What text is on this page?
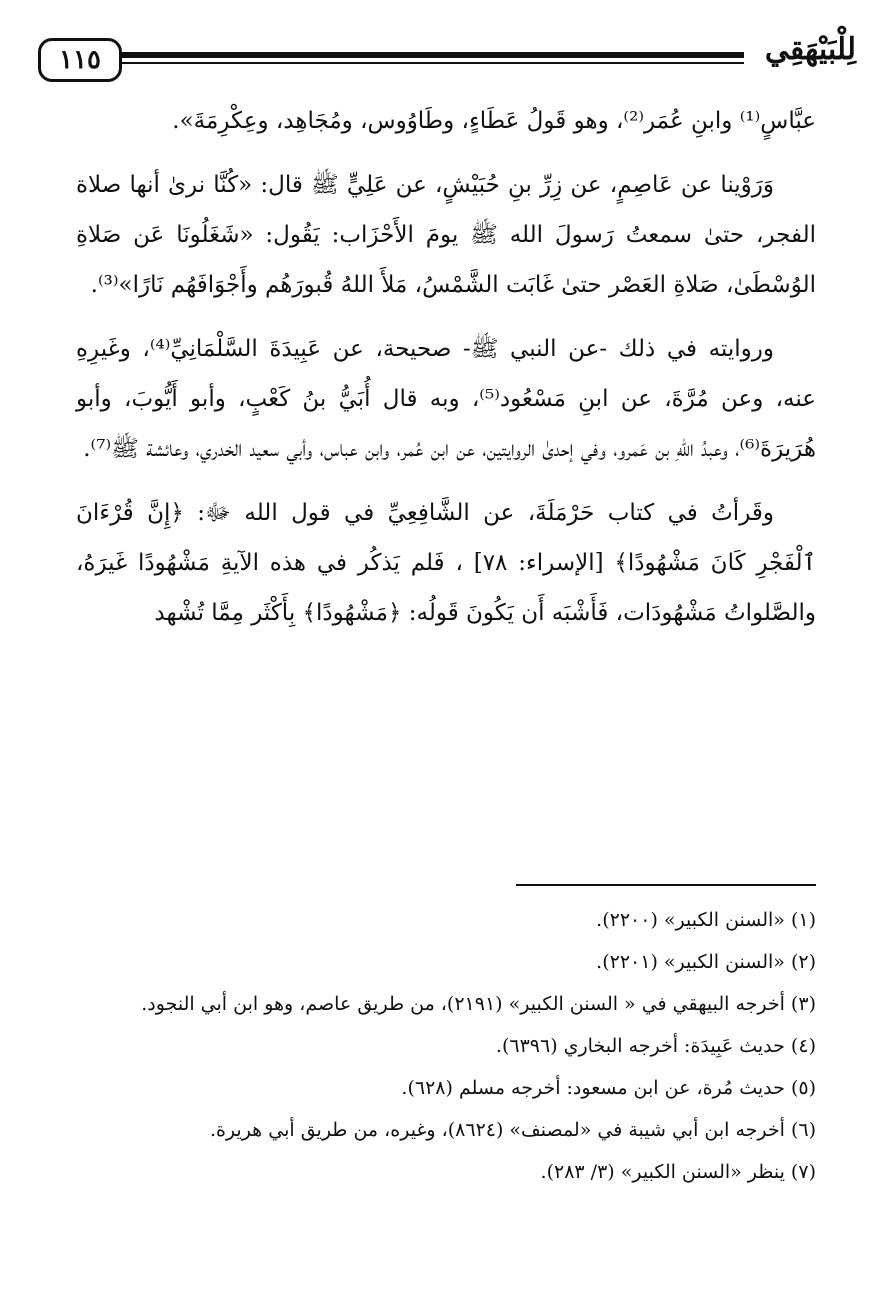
١١٥	لِلْبَيْهَقِي

عبَّاسٍ⁽¹⁾ وابنِ عُمَر⁽²⁾، وهو قَولُ عَطَاءٍ، وطَاوُوس، ومُجَاهِد، وعِكْرِمَةَ».

وَرَوْينا عن عَاصِمٍ، عن زِرِّ بنِ حُبَيْشٍ، عن عَلِيٍّ ﷺ قال: «كُنَّا نرىٰ أنها صلاة الفجر، حتىٰ سمعتُ رَسولَ الله ﷺ يومَ الأَحْزَاب: يَقُول: «شَغَلُونَا عَن صَلاةِ الوُسْطَىٰ، صَلاةِ العَصْر حتىٰ غَابَت الشَّمْسُ، مَلأَ اللهُ قُبورَهُم وأَجْوَافَهُم نَارًا»⁽³⁾.

وروايته في ذلك -عن النبي ﷺ- صحيحة، عن عَبِيدَةَ السَّلْمَانِيِّ⁽⁴⁾، وغَيرِهِ عنه، وعن مُرَّةَ، عن ابنِ مَسْعُود⁽⁵⁾، وبه قال أُبَيُّ بنُ كَعْبٍ، وأبو أَيُّوبَ، وأبو هُرَيرَةَ⁽⁶⁾، وعبدُ اللهِ بن عَمرو، وفي إحدىٰ الروايتين، عن ابن عُمر، وابن عباس، وأبي سعيد الخدري، وعائشة ﷺ⁽⁷⁾.

وقَرأتُ في كتاب حَرْمَلَةَ، عن الشَّافِعِيِّ في قول الله ﷻ: ﴿إِنَّ قُرْءَانَ ٱلْفَجْرِ كَانَ مَشْهُودًا﴾ [الإسراء: ٧٨] ، فَلم يَذكُر في هذه الآيةِ مَشْهُودًا غَيرَهُ، والصَّلواتُ مَشْهُودَات، فَأَشْبَه أَن يَكُونَ قَولُه: ﴿مَشْهُودًا﴾ بِأَكْثَر مِمَّا تُشْهد

(١) «السنن الكبير» (٢٢٠٠).
(٢) «السنن الكبير» (٢٢٠١).
(٣) أخرجه البيهقي في « السنن الكبير» (٢١٩١)، من طريق عاصم، وهو ابن أبي النجود.
(٤) حديث عَبِيدَة: أخرجه البخاري (٦٣٩٦).
(٥) حديث مُرة، عن ابن مسعود: أخرجه مسلم (٦٢٨).
(٦) أخرجه ابن أبي شيبة في «لمصنف» (٨٦٢٤)، وغيره، من طريق أبي هريرة.
(٧) ينظر «السنن الكبير» (٣/ ٢٨٣).
